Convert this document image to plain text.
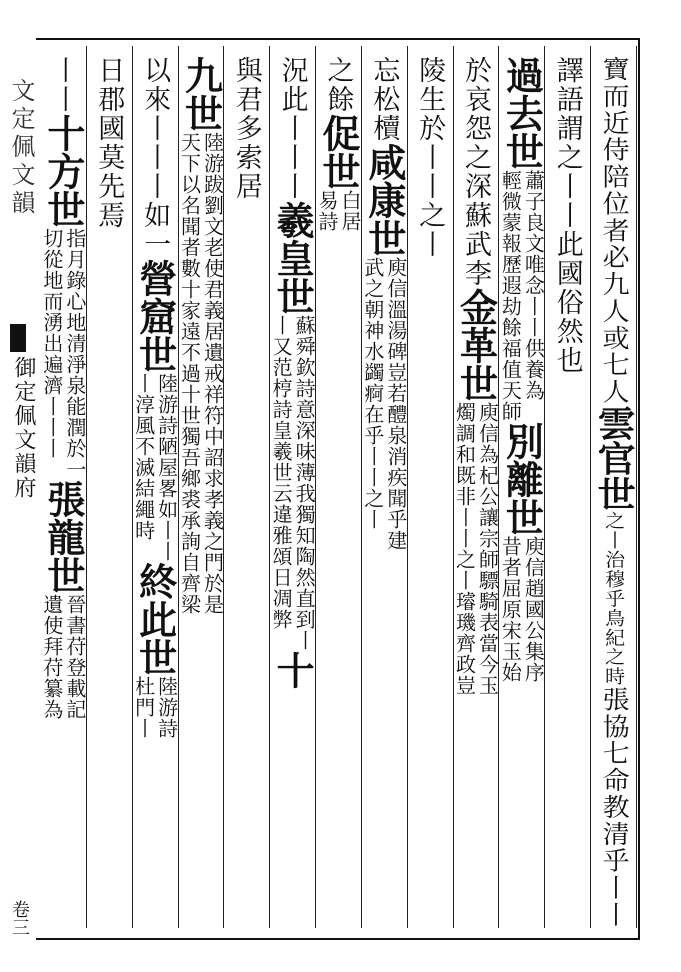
文定佩文韻
御定佩文韻府
卷三
寶而近侍陪位者必九人或七人
雲官世
之丨治穆乎鳥紀之時
張協七命教清乎丨丨
譯語謂之丨丨此國俗然也
過去世
蕭子良文唯念丨丨供養為
輕微蒙報歷遐劫餘福值天師
別離世
庾信趙國公集序
昔者屈原宋玉始
於哀怨之深蘇武李
金革世
庾信為杞公讓宗師驃騎表當今玉
燭調和既非丨丨之丨璿璣齊政豈
陵生於丨丨之丨
忘松櫝
咸康世
庾信溫湯碑豈若醴泉消疾聞乎建
武之朝神水蠲痾在乎丨丨之丨
之餘
促世
白居
易詩
況此丨丨丨
羲皇世
蘇舜欽詩意深味薄我獨知陶然直到丨
丨又范梈詩皇羲世云違雅頌日凋弊
十
與君多索居
九世
陸游跋劉文老使君義居遺戒祥符中詔求孝義之門於是
天下以名聞者數十家遠不過十世獨吾鄉裘承詢自齊梁
以來丨丨丨如一
營窟世
陸游詩陋屋畧如丨丨
丨淳風不滅結繩時
終此世
陸游詩
杜門丨
日郡國莫先焉
丨丨
十方世
指月錄心地清淨泉能潤於一
切從地而湧出遍濟丨丨丨
張龍世
晉書苻登載記
遺使拜苻纂為
